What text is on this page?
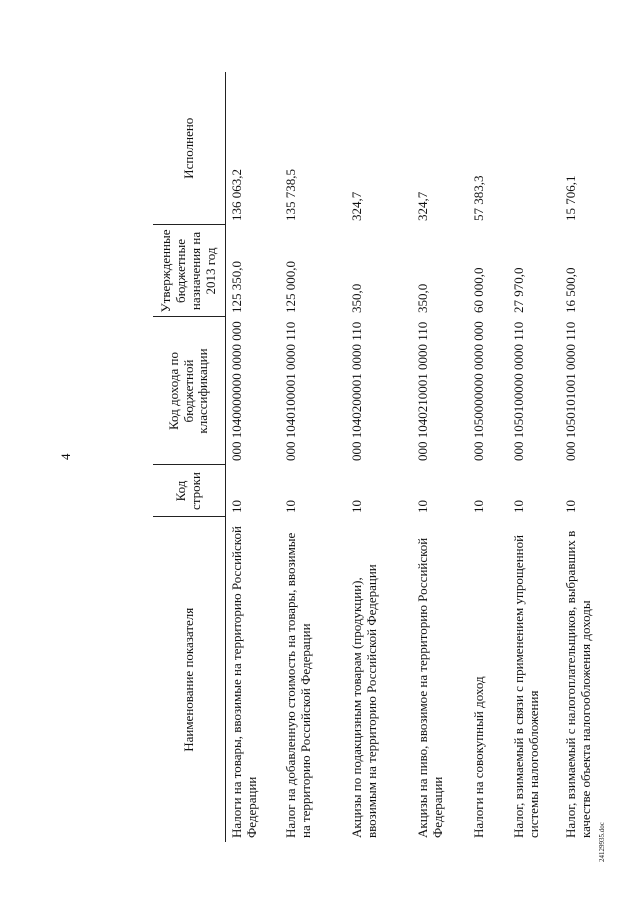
4
Наименование показателя	Код строки	Код дохода по бюджетной классификации	Утвержденные бюджетные назначения на 2013 год	Исполнено
Налоги на товары, ввозимые на территорию Российской Федерации	10	000 1040000000 0000 000	125 350,0	136 063,2
Налог на добавленную стоимость на товары, ввозимые на территорию Российской Федерации	10	000 1040100001 0000 110	125 000,0	135 738,5
Акцизы по подакцизным товарам (продукции), ввозимым на территорию Российской Федерации	10	000 1040200001 0000 110	350,0	324,7
Акцизы на пиво, ввозимое на территорию Российской Федерации	10	000 1040210001 0000 110	350,0	324,7
Налоги на совокупный доход	10	000 1050000000 0000 000	60 000,0	57 383,3
Налог, взимаемый в связи с применением упрощенной системы налогообложения	10	000 1050100000 0000 110	27 970,0	
Налог, взимаемый с налогоплательщиков, выбравших в качестве объекта налогообложения доходы	10	000 1050101001 0000 110	16 500,0	15 706,1
24129935.doc
